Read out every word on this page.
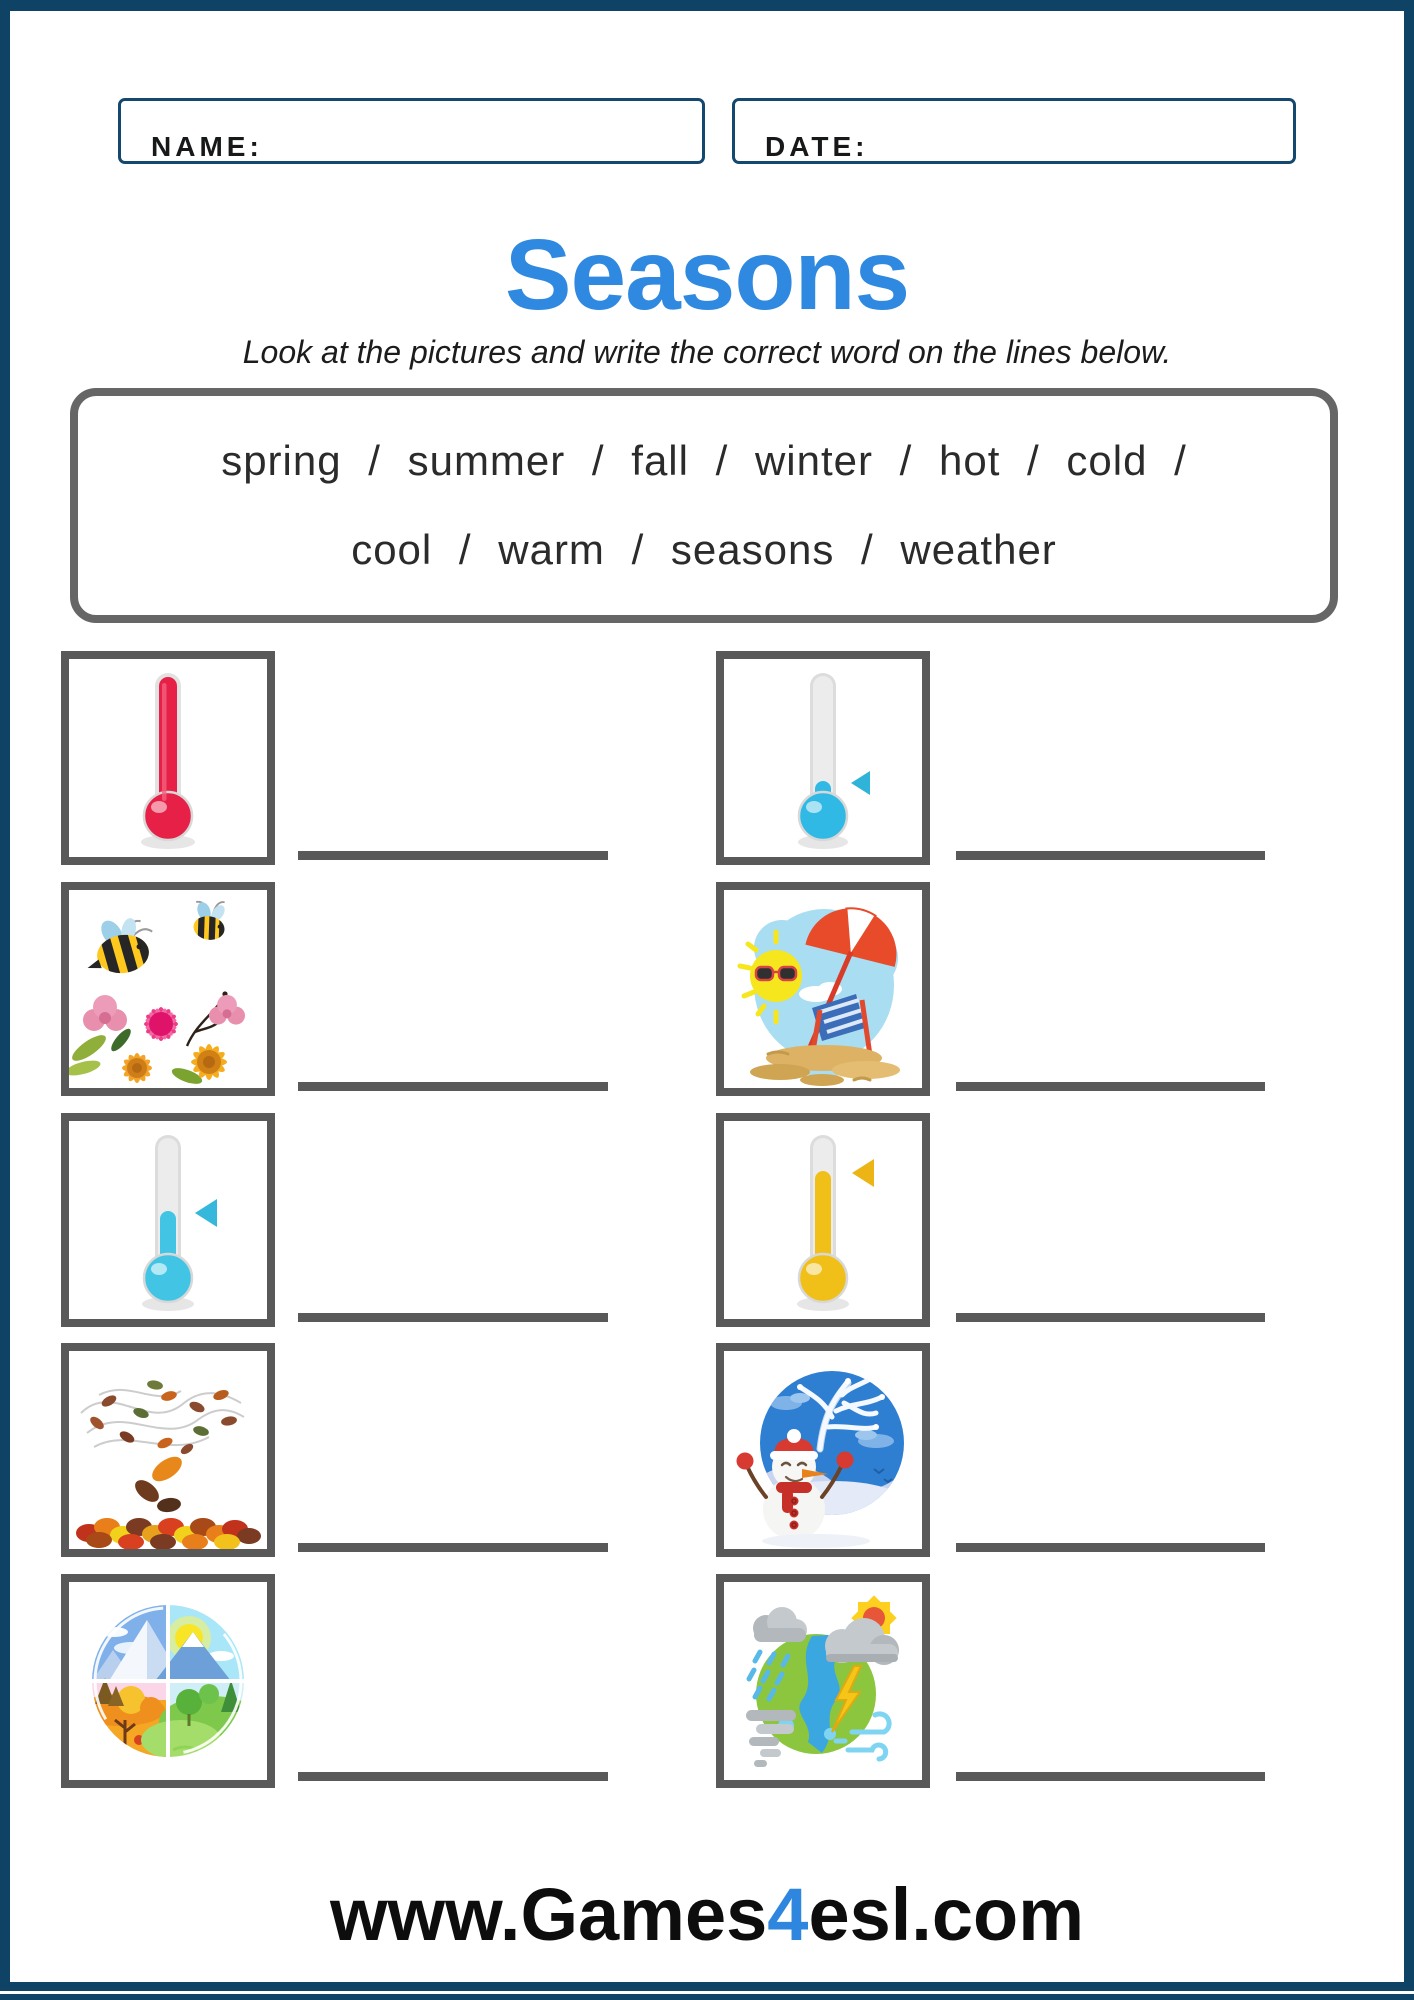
NAME:	DATE:
Seasons
Look at the pictures and write the correct word on the lines below.
spring / summer / fall / winter / hot / cold /
cool / warm / seasons / weather
www.Games4esl.com
